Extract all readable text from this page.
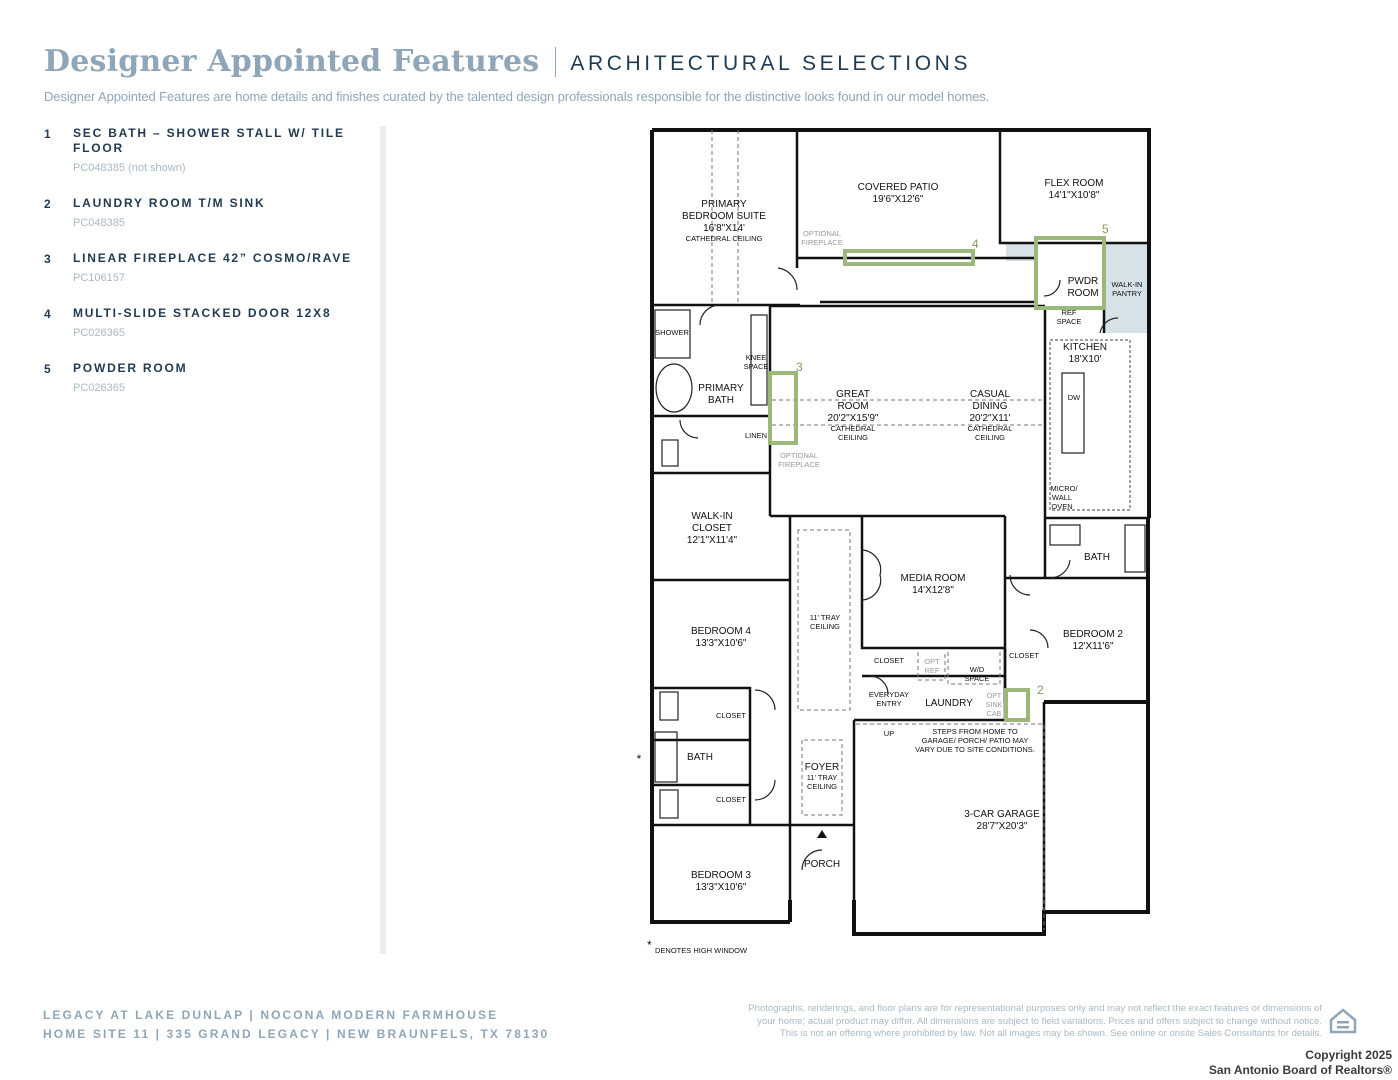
Designer Appointed Features ARCHITECTURAL SELECTIONS
Designer Appointed Features are home details and finishes curated by the talented design professionals responsible for the distinctive looks found in our model homes.
1 SEC BATH – SHOWER STALL W/ TILE FLOOR
PC048385 (not shown)
2 LAUNDRY ROOM T/M SINK
PC048385
3 LINEAR FIREPLACE 42” COSMO/RAVE
PC106157
4 MULTI-SLIDE STACKED DOOR 12X8
PC026365
5 POWDER ROOM
PC026365
2
3
4
5
COVERED PATIO
19'6"X12'6"
FLEX ROOM
14'1"X10'8"
PRIMARY
BEDROOM SUITE
16'8"X14'
CATHEDRAL CEILING
OPTIONAL
FIREPLACE
PWDR
ROOM
WALK-IN
PANTRY
REF
SPACE
KITCHEN
18'X10'
SHOWER
KNEE
SPACE
PRIMARY
BATH
GREAT
ROOM
20'2"X15'9"
CATHEDRAL
CEILING
CASUAL
DINING
20'2"X11'
CATHEDRAL
CEILING
DW
LINEN
OPTIONAL
FIREPLACE
MICRO/
WALL
OVEN
WALK-IN
CLOSET
12'1"X11'4"
BATH
MEDIA ROOM
14'X12'8"
11' TRAY
CEILING
BEDROOM 4
13'3"X10'6"
BEDROOM 2
12'X11'6"
CLOSET
CLOSET
OPT
REF	W/D
SPACE
EVERYDAY
ENTRY LAUNDRY
OPT
SINK
CAB
CLOSET
UP	STEPS FROM HOME TO
GARAGE/ PORCH/ PATIO MAY
VARY DUE TO SITE CONDITIONS.
*	BATH
FOYER
11' TRAY
CEILING
3-CAR GARAGE
28'7"X20'3"
CLOSET
PORCH
BEDROOM 3
13'3"X10'6"
* DENOTES HIGH WINDOW
LEGACY AT LAKE DUNLAP | NOCONA MODERN FARMHOUSE
HOME SITE 11 | 335 GRAND LEGACY | NEW BRAUNFELS, TX 78130
Photographs, renderings, and floor plans are for representational purposes only and may not reflect the exact features or dimensions of
your home; actual product may differ. All dimensions are subject to field variations. Prices and offers subject to change without notice.
This is not an offering where prohibited by law. Not all images may be shown. See online or onsite Sales Consultants for details.
Copyright 2025
San Antonio Board of Realtors®
